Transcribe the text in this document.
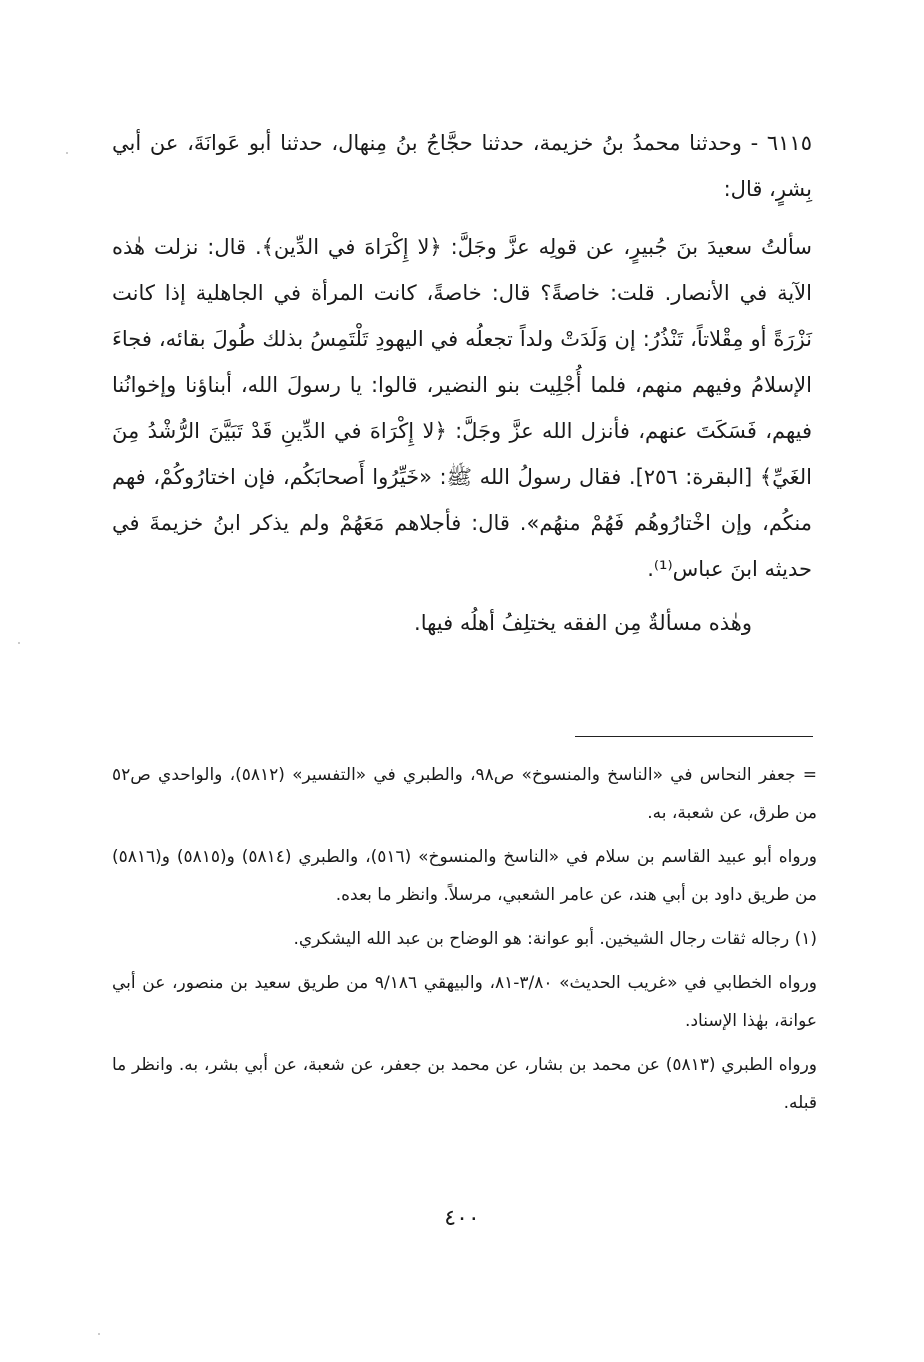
٦١١٥ - وحدثنا محمدُ بنُ خزيمة، حدثنا حجَّاجُ بنُ مِنهال، حدثنا أبو عَوانَةَ، عن أبي بِشرٍ، قال:

سألتُ سعيدَ بنَ جُبيرٍ، عن قولِه عزَّ وجَلَّ: ﴿لا إِكْرَاهَ في الدِّين﴾. قال: نزلت هٰذه الآية في الأنصار. قلت: خاصةً؟ قال: خاصةً، كانت المرأة في الجاهلية إذا كانت نَزْرَةً أو مِقْلاتاً، تَنْذُرُ: إن وَلَدَتْ ولداً تجعلُه في اليهودِ تَلْتَمِسُ بذلك طُولَ بقائه، فجاءَ الإسلامُ وفيهم منهم، فلما أُجْلِيت بنو النضير، قالوا: يا رسولَ الله، أبناؤنا وإخوانُنا فيهم، فَسَكَتَ عنهم، فأنزل الله عزَّ وجَلَّ: ﴿لا إِكْرَاهَ في الدِّينِ قَدْ تَبَيَّنَ الرُّشْدُ مِنَ الغَيِّ﴾ [البقرة: ٢٥٦]. فقال رسولُ الله ﷺ: «خَيِّرُوا أَصحابَكُم، فإن اختارُوكُمْ، فهم منكُم، وإن اخْتارُوهُم فَهُمْ منهُم». قال: فأجلاهم مَعَهُمْ ولم يذكر ابنُ خزيمةَ في حديثه ابنَ عباس⁽¹⁾.

وهٰذه مسألةٌ مِن الفقه يختلِفُ أهلُه فيها.

= جعفر النحاس في «الناسخ والمنسوخ» ص٩٨، والطبري في «التفسير» (٥٨١٢)، والواحدي ص٥٢ من طرق، عن شعبة، به.

ورواه أبو عبيد القاسم بن سلام في «الناسخ والمنسوخ» (٥١٦)، والطبري (٥٨١٤) و(٥٨١٥) و(٥٨١٦) من طريق داود بن أبي هند، عن عامر الشعبي، مرسلاً. وانظر ما بعده.

(١) رجاله ثقات رجال الشيخين. أبو عوانة: هو الوضاح بن عبد الله اليشكري.

ورواه الخطابي في «غريب الحديث» ٣/٨٠-٨١، والبيهقي ٩/١٨٦ من طريق سعيد بن منصور، عن أبي عوانة، بهٰذا الإسناد.

ورواه الطبري (٥٨١٣) عن محمد بن بشار، عن محمد بن جعفر، عن شعبة، عن أبي بشر، به. وانظر ما قبله.

٤٠٠
